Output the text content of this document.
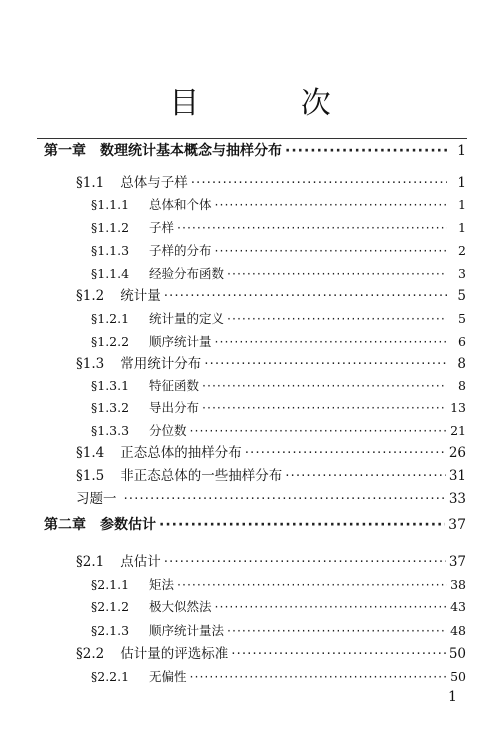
目 次
第一章 数理统计基本概念与抽样分布 ·····	1
§1.1 总体与子样 ·····	1
§1.1.1	总体和个体 ·····	1
§1.1.2	子样 ·····	1
§1.1.3	子样的分布 ·····	2
§1.1.4	经验分布函数 ·····	3
§1.2 统计量 ·····	5
§1.2.1	统计量的定义 ·····	5
§1.2.2	顺序统计量 ·····	6
§1.3 常用统计分布 ·····	8
§1.3.1	特征函数 ·····	8
§1.3.2	导出分布 ·····	13
§1.3.3	分位数 ·····	21
§1.4 正态总体的抽样分布 ·····	26
§1.5 非正态总体的一些抽样分布 ·····	31
习题一 ·····	33
第二章 参数估计 ·····	37
§2.1 点估计 ·····	37
§2.1.1	矩法 ·····	38
§2.1.2	极大似然法 ·····	43
§2.1.3	顺序统计量法 ·····	48
§2.2 估计量的评选标准 ·····	50
§2.2.1	无偏性 ·····	50
1
